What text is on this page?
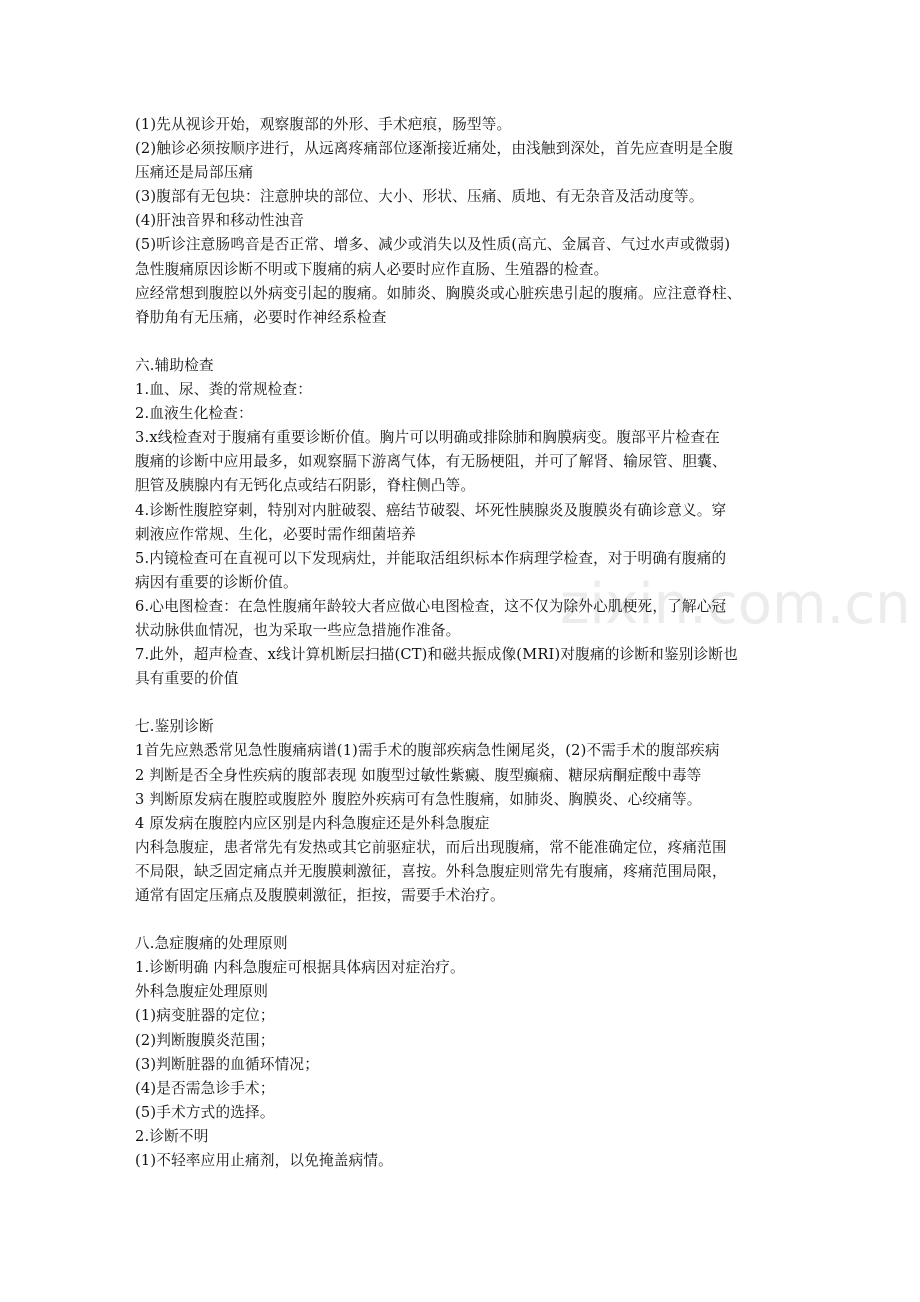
zixin.com.cn
(1)先从视诊开始，观察腹部的外形、手术疤痕，肠型等。
(2)触诊必须按顺序进行，从远离疼痛部位逐渐接近痛处，由浅触到深处，首先应查明是全腹
压痛还是局部压痛
(3)腹部有无包块：注意肿块的部位、大小、形状、压痛、质地、有无杂音及活动度等。
(4)肝浊音界和移动性浊音
(5)听诊注意肠鸣音是否正常、增多、减少或消失以及性质(高亢、金属音、气过水声或微弱)
急性腹痛原因诊断不明或下腹痛的病人必要时应作直肠、生殖器的检查。
应经常想到腹腔以外病变引起的腹痛。如肺炎、胸膜炎或心脏疾患引起的腹痛。应注意脊柱、
脊肋角有无压痛，必要时作神经系检查
六.辅助检查
1.血、尿、粪的常规检查：
2.血液生化检查：
3.x线检查对于腹痛有重要诊断价值。胸片可以明确或排除肺和胸膜病变。腹部平片检查在
腹痛的诊断中应用最多，如观察膈下游离气体，有无肠梗阻，并可了解肾、输尿管、胆囊、
胆管及胰腺内有无钙化点或结石阴影，脊柱侧凸等。
4.诊断性腹腔穿刺，特别对内脏破裂、癌结节破裂、坏死性胰腺炎及腹膜炎有确诊意义。穿
刺液应作常规、生化，必要时需作细菌培养
5.内镜检查可在直视可以下发现病灶，并能取活组织标本作病理学检查，对于明确有腹痛的
病因有重要的诊断价值。
6.心电图检查：在急性腹痛年龄较大者应做心电图检查，这不仅为除外心肌梗死，了解心冠
状动脉供血情况，也为采取一些应急措施作准备。
7.此外，超声检查、x线计算机断层扫描(CT)和磁共振成像(MRI)对腹痛的诊断和鉴别诊断也
具有重要的价值
七.鉴别诊断
1首先应熟悉常见急性腹痛病谱(1)需手术的腹部疾病急性阑尾炎，(2)不需手术的腹部疾病
2 判断是否全身性疾病的腹部表现 如腹型过敏性紫癜、腹型癫痫、糖尿病酮症酸中毒等
3 判断原发病在腹腔或腹腔外 腹腔外疾病可有急性腹痛，如肺炎、胸膜炎、心绞痛等。
4 原发病在腹腔内应区别是内科急腹症还是外科急腹症
内科急腹症，患者常先有发热或其它前驱症状，而后出现腹痛，常不能准确定位，疼痛范围
不局限，缺乏固定痛点并无腹膜刺激征，喜按。外科急腹症则常先有腹痛，疼痛范围局限，
通常有固定压痛点及腹膜刺激征，拒按，需要手术治疗。
八.急症腹痛的处理原则
1.诊断明确 内科急腹症可根据具体病因对症治疗。
外科急腹症处理原则
(1)病变脏器的定位；
(2)判断腹膜炎范围；
(3)判断脏器的血循环情况；
(4)是否需急诊手术；
(5)手术方式的选择。
2.诊断不明
(1)不轻率应用止痛剂，以免掩盖病情。
